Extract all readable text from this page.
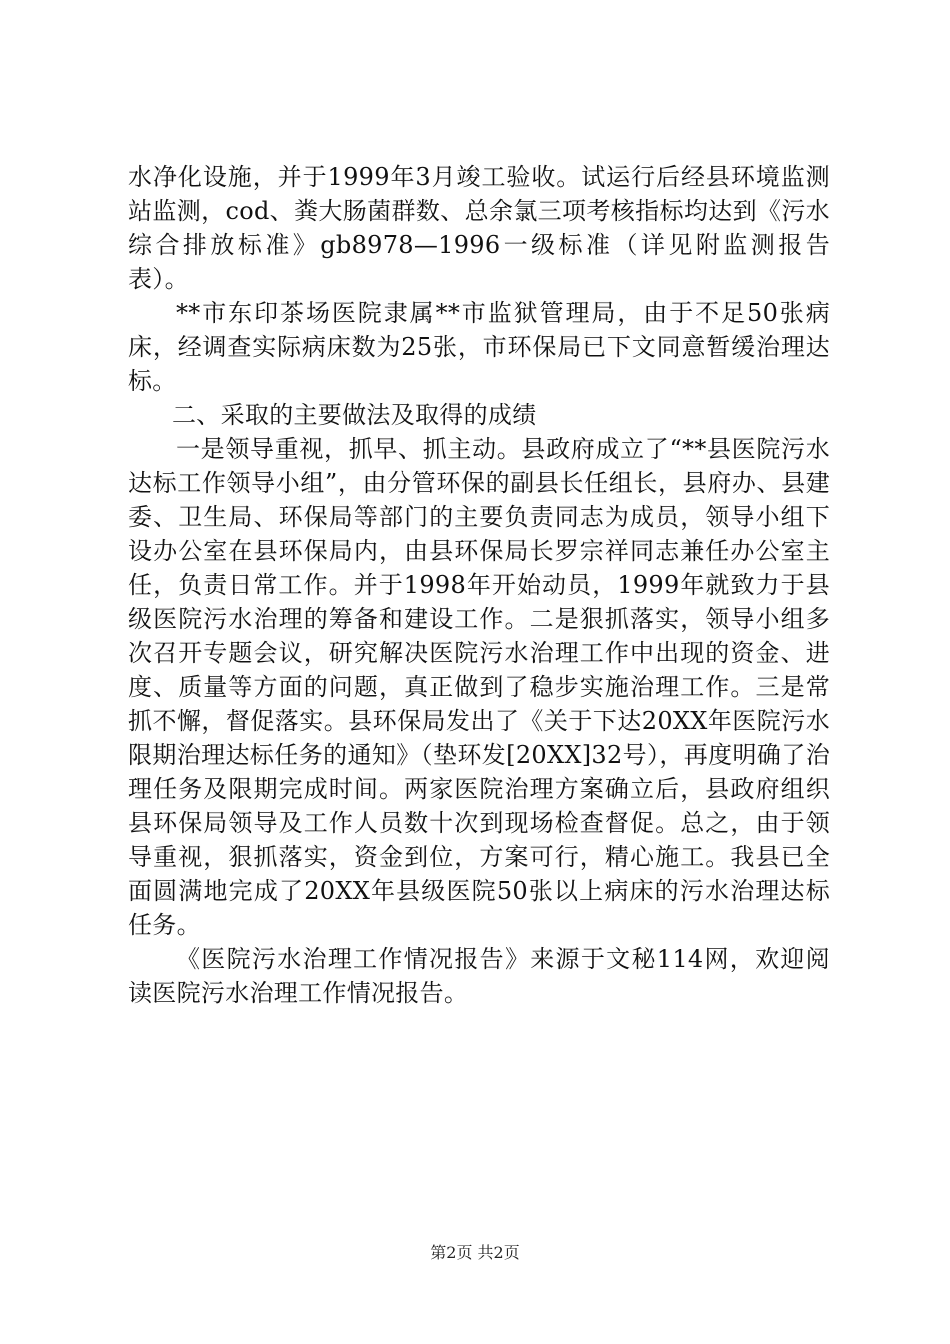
水净化设施，并于1999年3月竣工验收。试运行后经县环境监测站监测，cod、粪大肠菌群数、总余氯三项考核指标均达到《污水综合排放标准》gb8978—1996一级标准（详见附监测报告表）。

**市东印茶场医院隶属**市监狱管理局，由于不足50张病床，经调查实际病床数为25张，市环保局已下文同意暂缓治理达标。

二、采取的主要做法及取得的成绩

一是领导重视，抓早、抓主动。县政府成立了“**县医院污水达标工作领导小组”，由分管环保的副县长任组长，县府办、县建委、卫生局、环保局等部门的主要负责同志为成员，领导小组下设办公室在县环保局内，由县环保局长罗宗祥同志兼任办公室主任，负责日常工作。并于1998年开始动员，1999年就致力于县级医院污水治理的筹备和建设工作。二是狠抓落实，领导小组多次召开专题会议，研究解决医院污水治理工作中出现的资金、进度、质量等方面的问题，真正做到了稳步实施治理工作。三是常抓不懈，督促落实。县环保局发出了《关于下达20XX年医院污水限期治理达标任务的通知》（垫环发[20XX]32号），再度明确了治理任务及限期完成时间。两家医院治理方案确立后，县政府组织县环保局领导及工作人员数十次到现场检查督促。总之，由于领导重视，狠抓落实，资金到位，方案可行，精心施工。我县已全面圆满地完成了20XX年县级医院50张以上病床的污水治理达标任务。

《医院污水治理工作情况报告》来源于文秘114网，欢迎阅读医院污水治理工作情况报告。

第2页 共2页
